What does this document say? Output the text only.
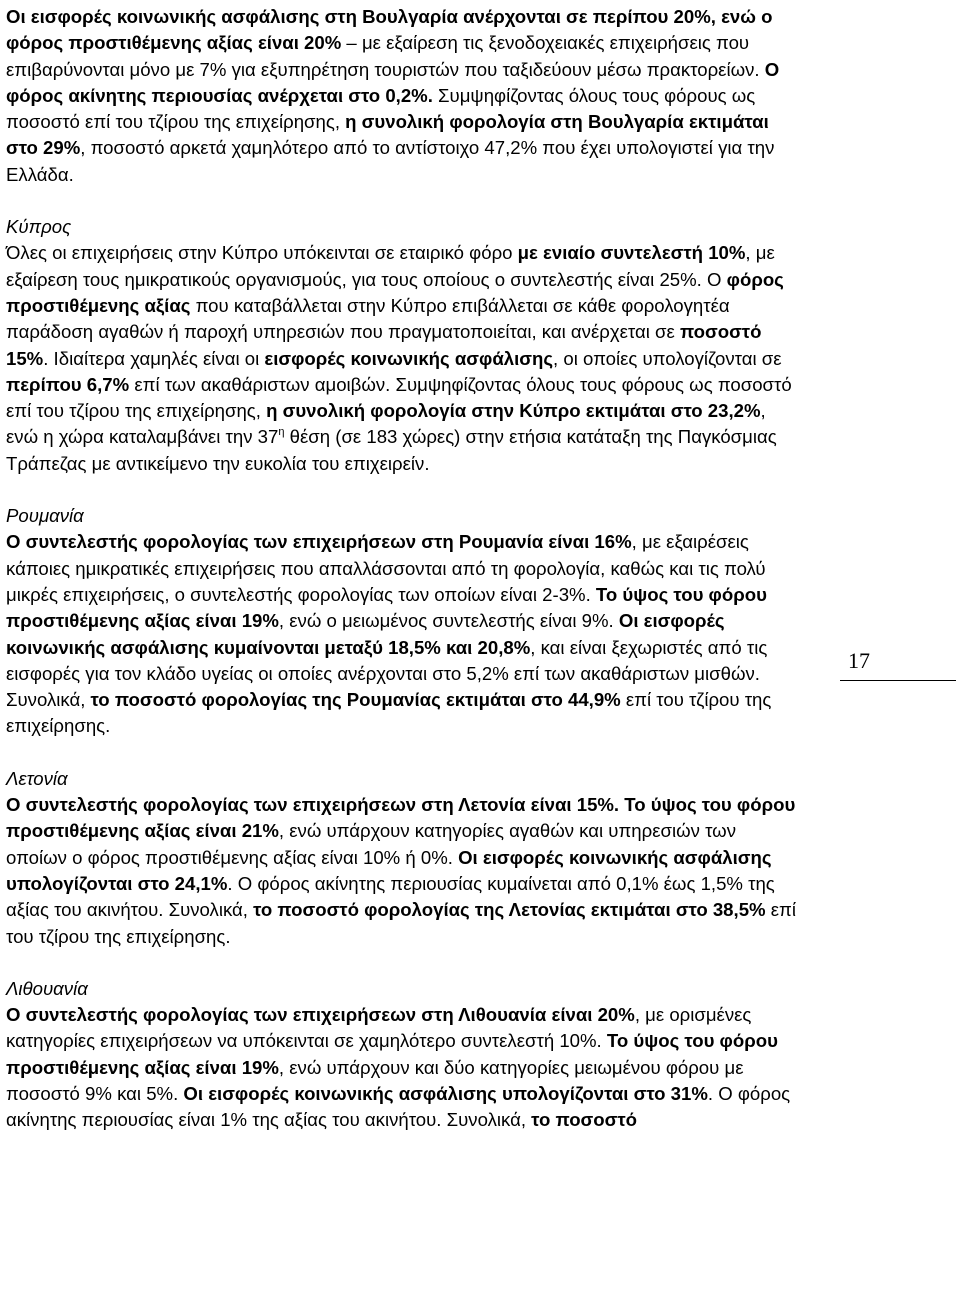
Οι εισφορές κοινωνικής ασφάλισης στη Βουλγαρία ανέρχονται σε περίπου 20%, ενώ ο φόρος προστιθέμενης αξίας είναι 20% – με εξαίρεση τις ξενοδοχειακές επιχειρήσεις που επιβαρύνονται μόνο με 7% για εξυπηρέτηση τουριστών που ταξιδεύουν μέσω πρακτορείων. Ο φόρος ακίνητης περιουσίας ανέρχεται στο 0,2%. Συμψηφίζοντας όλους τους φόρους ως ποσοστό επί του τζίρου της επιχείρησης, η συνολική φορολογία στη Βουλγαρία εκτιμάται στο 29%, ποσοστό αρκετά χαμηλότερο από το αντίστοιχο 47,2% που έχει υπολογιστεί για την Ελλάδα.

Κύπρος

Όλες οι επιχειρήσεις στην Κύπρο υπόκεινται σε εταιρικό φόρο με ενιαίο συντελεστή 10%, με εξαίρεση τους ημικρατικούς οργανισμούς, για τους οποίους ο συντελεστής είναι 25%. Ο φόρος προστιθέμενης αξίας που καταβάλλεται στην Κύπρο επιβάλλεται σε κάθε φορολογητέα παράδοση αγαθών ή παροχή υπηρεσιών που πραγματοποιείται, και ανέρχεται σε ποσοστό 15%. Ιδιαίτερα χαμηλές είναι οι εισφορές κοινωνικής ασφάλισης, οι οποίες υπολογίζονται σε περίπου 6,7% επί των ακαθάριστων αμοιβών. Συμψηφίζοντας όλους τους φόρους ως ποσοστό επί του τζίρου της επιχείρησης, η συνολική φορολογία στην Κύπρο εκτιμάται στο 23,2%, ενώ η χώρα καταλαμβάνει την $37^\eta$ θέση (σε 183 χώρες) στην ετήσια κατάταξη της Παγκόσμιας Τράπεζας με αντικείμενο την ευκολία του επιχειρείν.

Ρουμανία

Ο συντελεστής φορολογίας των επιχειρήσεων στη Ρουμανία είναι 16%, με εξαιρέσεις κάποιες ημικρατικές επιχειρήσεις που απαλλάσσονται από τη φορολογία, καθώς και τις πολύ μικρές επιχειρήσεις, ο συντελεστής φορολογίας των οποίων είναι 2-3%. Το ύψος του φόρου προστιθέμενης αξίας είναι 19%, ενώ ο μειωμένος συντελεστής είναι 9%. Οι εισφορές κοινωνικής ασφάλισης κυμαίνονται μεταξύ 18,5% και 20,8%, και είναι ξεχωριστές από τις εισφορές για τον κλάδο υγείας οι οποίες ανέρχονται στο 5,2% επί των ακαθάριστων μισθών. Συνολικά, το ποσοστό φορολογίας της Ρουμανίας εκτιμάται στο 44,9% επί του τζίρου της επιχείρησης.

Λετονία

Ο συντελεστής φορολογίας των επιχειρήσεων στη Λετονία είναι 15%. Το ύψος του φόρου προστιθέμενης αξίας είναι 21%, ενώ υπάρχουν κατηγορίες αγαθών και υπηρεσιών των οποίων ο φόρος προστιθέμενης αξίας είναι 10% ή 0%. Οι εισφορές κοινωνικής ασφάλισης υπολογίζονται στο 24,1%. Ο φόρος ακίνητης περιουσίας κυμαίνεται από 0,1% έως 1,5% της αξίας του ακινήτου. Συνολικά, το ποσοστό φορολογίας της Λετονίας εκτιμάται στο 38,5% επί του τζίρου της επιχείρησης.

Λιθουανία

Ο συντελεστής φορολογίας των επιχειρήσεων στη Λιθουανία είναι 20%, με ορισμένες κατηγορίες επιχειρήσεων να υπόκεινται σε χαμηλότερο συντελεστή 10%. Το ύψος του φόρου προστιθέμενης αξίας είναι 19%, ενώ υπάρχουν και δύο κατηγορίες μειωμένου φόρου με ποσοστό 9% και 5%. Οι εισφορές κοινωνικής ασφάλισης υπολογίζονται στο 31%. Ο φόρος ακίνητης περιουσίας είναι 1% της αξίας του ακινήτου. Συνολικά, το ποσοστό

17
